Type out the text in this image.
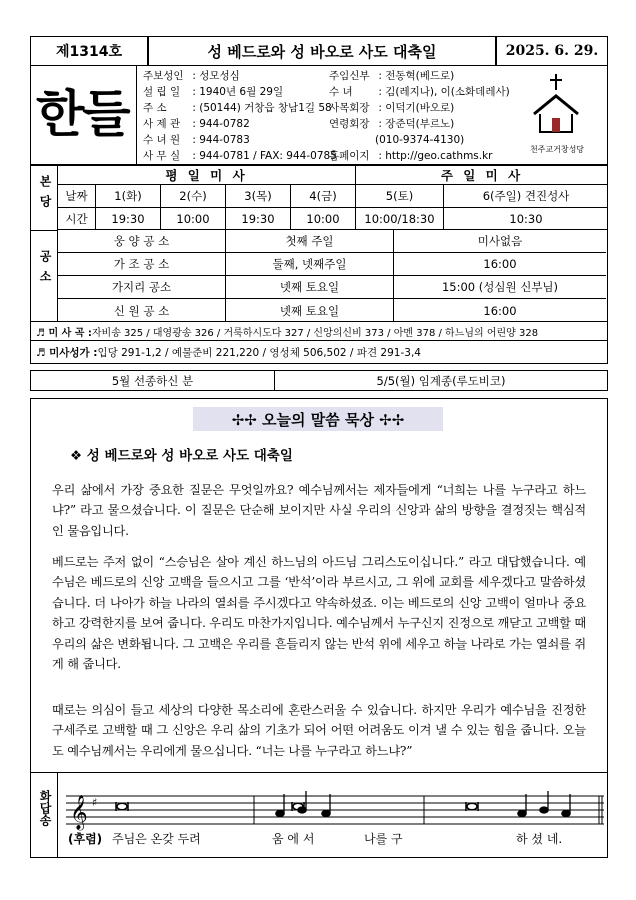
제1314호	성 베드로와 성 바오로 사도 대축일	2025. 6. 29.
한들
주보성인 : 성모성심
설 립 일 : 1940년 6월 29일
주 소 : (50144) 거창읍 창남1길 58
사 제 관 : 944-0782
수 녀 원 : 944-0783
사 무 실 : 944-0781 / FAX: 944-0785
주임신부 : 전동혁(베드로)
수 녀 : 김(레지나), 이(소화데레사)
사목회장 : 이덕기(바오로)
연령회장 : 장준덕(부르노)
(010-9374-4130)
홈페이지 : http://geo.cathms.kr
천주교거창성당
본당
공소
평 일 미 사	주 일 미 사
날짜	1(화)	2(수)	3(목)	4(금)	5(토)	6(주일) 견진성사
시간	19:30	10:00	19:30	10:00	10:00/18:30	10:30
웅 양 공 소	첫째 주일	미사없음
가 조 공 소	둘째, 넷째주일	16:00
가지리 공소	넷째 토요일	15:00 (성심원 신부님)
신 원 공 소	넷째 토요일	16:00
♬ 미 사 곡 : 자비송 325 / 대영광송 326 / 거룩하시도다 327 / 신앙의신비 373 / 아멘 378 / 하느님의 어린양 328
♬ 미사성가 : 입당 291-1,2 / 예물준비 221,220 / 영성체 506,502 / 파견 291-3,4
5월 선종하신 분	5/5(월) 임계종(루도비코)
✢✢ 오늘의 말씀 묵상 ✢✢
❖ 성 베드로와 성 바오로 사도 대축일
우리 삶에서 가장 중요한 질문은 무엇일까요? 예수님께서는 제자들에게 “너희는 나를 누구라고 하느냐?” 라고 물으셨습니다. 이 질문은 단순해 보이지만 사실 우리의 신앙과 삶의 방향을 결정짓는 핵심적인 물음입니다.
베드로는 주저 없이 “스승님은 살아 계신 하느님의 아드님 그리스도이십니다.” 라고 대답했습니다. 예수님은 베드로의 신앙 고백을 들으시고 그를 ‘반석’이라 부르시고, 그 위에 교회를 세우겠다고 말씀하셨습니다. 더 나아가 하늘 나라의 열쇠를 주시겠다고 약속하셨죠. 이는 베드로의 신앙 고백이 얼마나 중요하고 강력한지를 보여 줍니다. 우리도 마찬가지입니다. 예수님께서 누구신지 진정으로 깨닫고 고백할 때 우리의 삶은 변화됩니다. 그 고백은 우리를 흔들리지 않는 반석 위에 세우고 하늘 나라로 가는 열쇠를 쥐게 해 줍니다.
때로는 의심이 들고 세상의 다양한 목소리에 혼란스러울 수 있습니다. 하지만 우리가 예수님을 진정한 구세주로 고백할 때 그 신앙은 우리 삶의 기초가 되어 어떤 어려움도 이겨 낼 수 있는 힘을 줍니다. 오늘도 예수님께서는 우리에게 물으십니다. “너는 나를 누구라고 하느냐?”
화답송 𝄞 ♯
(후렴) 주님은 온갖 두려	움 에 서	나를 구	하 셨 네.
